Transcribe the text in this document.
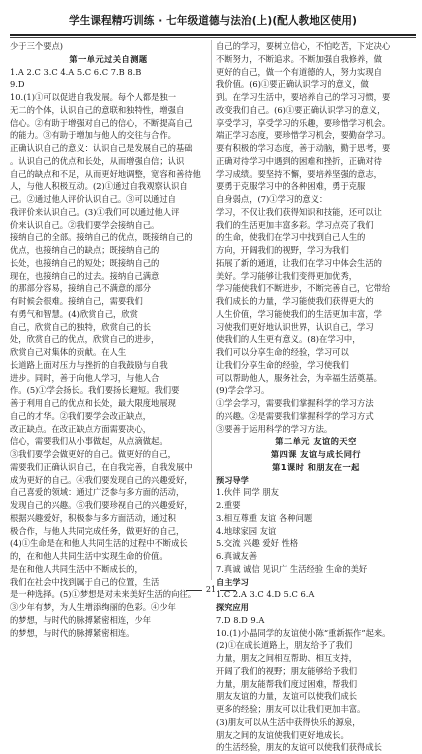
学生课程精巧训练 · 七年级道德与法治(上)(配人教地区使用)
少于三个要点)
第一单元过关自测题
1.A 2.C 3.C 4.A 5.C 6.C 7.B 8.B
9.D
10.(1)①可以促进自我发展。每个人都是独一
无二的个体，认识自己的意联和独特性，增强自
信心。②有助于增强对自己的信心，不断提高自己
的能力。③有助于增加与他人的交往与合作。
正确认识自己的意义：认识自己是发展自己的基础
。认识自己的优点和长处，从而增强自信；认识
自己的缺点和不足，从而更好地调整，宽容和善待他
人，与他人积极互动。(2)①通过自我观察认识自
己。②通过他人评价认识自己。③可以通过自
我评价来认识自己。(3)①我们可以通过他人评
价来认识自己。②我们要学会接纳自己。
接纳自己的全部。接纳自己的优点，既接纳自己的
优点，也接纳自己的缺点；既接纳自己的
长处，也接纳自己的短处；既接纳自己的
现在，也接纳自己的过去。接纳自己满意
的那部分容易，接纳自己不满意的部分
有时候会很难。接纳自己，需要我们
有勇气和智慧。(4)欣赏自己，欣赏
自己，欣赏自己的独特，欣赏自己的长
处，欣赏自己的优点，欣赏自己的进步，
欣赏自己对集体的贡献。在人生
长道路上面对压力与挫折的自我鼓励与自我
进步。同时，善于向他人学习，与他人合
作。(5)①学会扬长。我们要扬长避短。我们要
善于利用自己的优点和长处，最大限度地展现
自己的才华。②我们要学会改正缺点，
改正缺点。在改正缺点方面需要决心，
信心，需要我们从小事做起，从点滴做起。
③我们要学会做更好的自己。做更好的自己，
需要我们正确认识自己，在自我完善，自我发展中
成为更好的自己。④我们要发现自己的兴趣爱好，
自己喜爱的领域：通过广泛参与多方面的活动，
发现自己的兴趣。⑤我们要珍视自己的兴趣爱好，
根据兴趣爱好，积极参与多方面活动，通过积
极合作，与他人共同完成任务，做更好的自己，
(4)①生命是在和他人共同生活的过程中不断成长
的，在和他人共同生活中实现生命的价值。
是在和他人共同生活中不断成长的，
我们在社会中找到属于自己的位置，生活
是一种选择。(5)①梦想是对未来美好生活的向往。
③少年有梦，为人生增添绚丽的色彩。④少年
的梦想，与时代的脉搏紧密相连，少年
的梦想，与时代的脉搏紧密相连。
自己的学习，要树立信心，不怕吃苦，下定决心
不断努力，不断追求。不断加强自我修养，做
更好的自己，做一个有道德的人，努力实现自
我价值。(6)①要正确认识学习的意义，做
到。在学习生活中，要培养自己的学习习惯，要
改变我们自己。(6)①要正确认识学习的意义，
享受学习，享受学习的乐趣，要珍惜学习机会。
端正学习态度，要珍惜学习机会，要勤奋学习。
要有积极的学习态度，善于动脑，勤于思考，要
正确对待学习中遇到的困难和挫折，正确对待
学习成绩。要坚持不懈，要培养坚强的意志，
要勇于克服学习中的各种困难，勇于克服
自身弱点，(7)①学习的意义：
学习，不仅让我们获得知识和技能，还可以让
我们的生活更加丰富多彩。学习点亮了我们
的生命，使我们在学习中找到自己人生的
方向，开阔我们的视野，学习为我们
拓展了新的通道，让我们在学习中体会生活的
美好。学习能够让我们变得更加优秀，
学习能使我们不断进步，不断完善自己，它带给
我们成长的力量，学习能使我们获得更大的
人生价值，学习能使我们的生活更加丰富，学
习使我们更好地认识世界，认识自己，学习
使我们的人生更有意义。(8)在学习中，
我们可以分享生命的经验，学习可以
让我们分享生命的经验，学习使我们
可以帮助他人，服务社会，为幸福生活奠基。
(9)学会学习。
①学会学习，需要我们掌握科学的学习方法
的兴趣。②是需要我们掌握科学的学习方式
③要善于运用科学的学习方法。
第二单元 友谊的天空
第四课 友谊与成长同行
第1课时 和朋友在一起
预习导学
1.伙伴 同学 朋友
2.重要
3.相互尊重 友谊 各种问题
4.地球家园 友谊
5.交流 兴趣 爱好 性格
6.真诚友善
7.真诚 诚信 见识广 生活经验 生命的美好
自主学习
1.C 2.A 3.C 4.D 5.C 6.A
探究应用
7.D 8.D 9.A
10.(1)小晶同学的友谊使小陈“重新振作”起来。
(2)①在成长道路上，朋友给予了我们
力量，朋友之间相互帮助、相互支持，
开阔了我们的视野；朋友能够给予我们
力量，朋友能帮我们度过困难，帮我们
朋友友谊的力量，友谊可以使我们成长
更多的经验；朋友可以让我们更加丰富。
(3)朋友可以从生活中获得快乐的源泉，
朋友之间的友谊使我们更好地成长。
的生活经验，朋友的友谊可以使我们获得成长
21
